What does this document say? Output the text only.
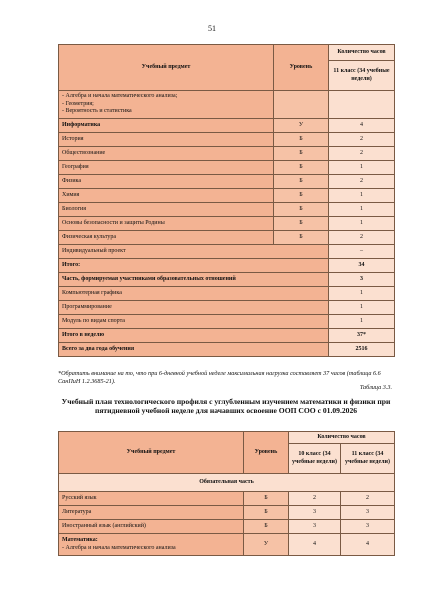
51
Учебный предмет	Уровень	Количество часов
		11 класс (34 учебные недели)
- Алгебра и начала математического анализа;
- Геометрия;
- Вероятность и статистика		
Информатика	У	4
История	Б	2
Обществознание	Б	2
География	Б	1
Физика	Б	2
Химия	Б	1
Биология	Б	1
Основы безопасности и защиты Родины	Б	1
Физическая культура	Б	2
Индивидуальный проект		–
Итого:		34
Часть, формируемая участниками образовательных отношений		3
Компьютерная графика		1
Программирование		1
Модуль по видам спорта		1
Итого в неделю		37*
Всего за два года обучения		2516
*Обратить внимание на то, что при 6-дневной учебной неделе максимальная нагрузка составляет 37 часов (таблица 6.6 СанПиН 1.2.3685-21).
Таблица 3.3.
Учебный план технологического профиля с углубленным изучением математики и физики при пятидневной учебной неделе для начавших освоение ООП СОО с 01.09.2026
Учебный предмет	Уровень	Количество часов	
		10 класс (34 учебные недели)	11 класс (34 учебные недели)
Обязательная часть			
Русский язык	Б	2	2
Литература	Б	3	3
Иностранный язык (английский)	Б	3	3

Математика:
- Алгебра и начала математического анализа	У	4	4
